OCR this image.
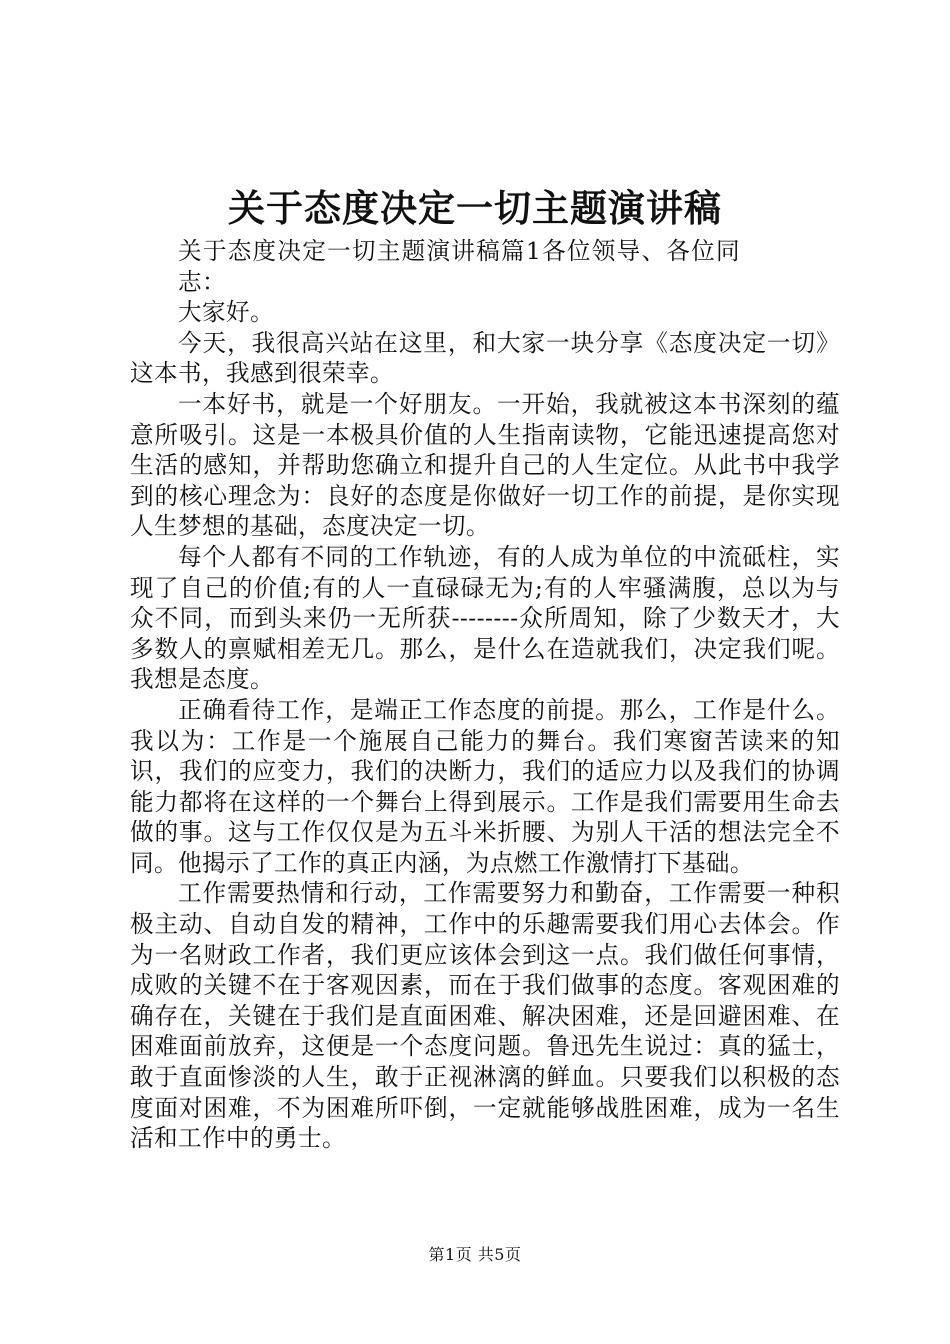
关于态度决定一切主题演讲稿

关于态度决定一切主题演讲稿篇1各位领导、各位同志：

大家好。

今天，我很高兴站在这里，和大家一块分享《态度决定一切》这本书，我感到很荣幸。

一本好书，就是一个好朋友。一开始，我就被这本书深刻的蕴意所吸引。这是一本极具价值的人生指南读物，它能迅速提高您对生活的感知，并帮助您确立和提升自己的人生定位。从此书中我学到的核心理念为：良好的态度是你做好一切工作的前提，是你实现人生梦想的基础，态度决定一切。

每个人都有不同的工作轨迹，有的人成为单位的中流砥柱，实现了自己的价值;有的人一直碌碌无为;有的人牢骚满腹，总以为与众不同，而到头来仍一无所获--------众所周知，除了少数天才，大多数人的禀赋相差无几。那么，是什么在造就我们，决定我们呢。我想是态度。

正确看待工作，是端正工作态度的前提。那么，工作是什么。我以为：工作是一个施展自己能力的舞台。我们寒窗苦读来的知识，我们的应变力，我们的决断力，我们的适应力以及我们的协调能力都将在这样的一个舞台上得到展示。工作是我们需要用生命去做的事。这与工作仅仅是为五斗米折腰、为别人干活的想法完全不同。他揭示了工作的真正内涵，为点燃工作激情打下基础。

工作需要热情和行动，工作需要努力和勤奋，工作需要一种积极主动、自动自发的精神，工作中的乐趣需要我们用心去体会。作为一名财政工作者，我们更应该体会到这一点。我们做任何事情，成败的关键不在于客观因素，而在于我们做事的态度。客观困难的确存在，关键在于我们是直面困难、解决困难，还是回避困难、在困难面前放弃，这便是一个态度问题。鲁迅先生说过：真的猛士，敢于直面惨淡的人生，敢于正视淋漓的鲜血。只要我们以积极的态度面对困难，不为困难所吓倒，一定就能够战胜困难，成为一名生活和工作中的勇士。

第1页 共5页
